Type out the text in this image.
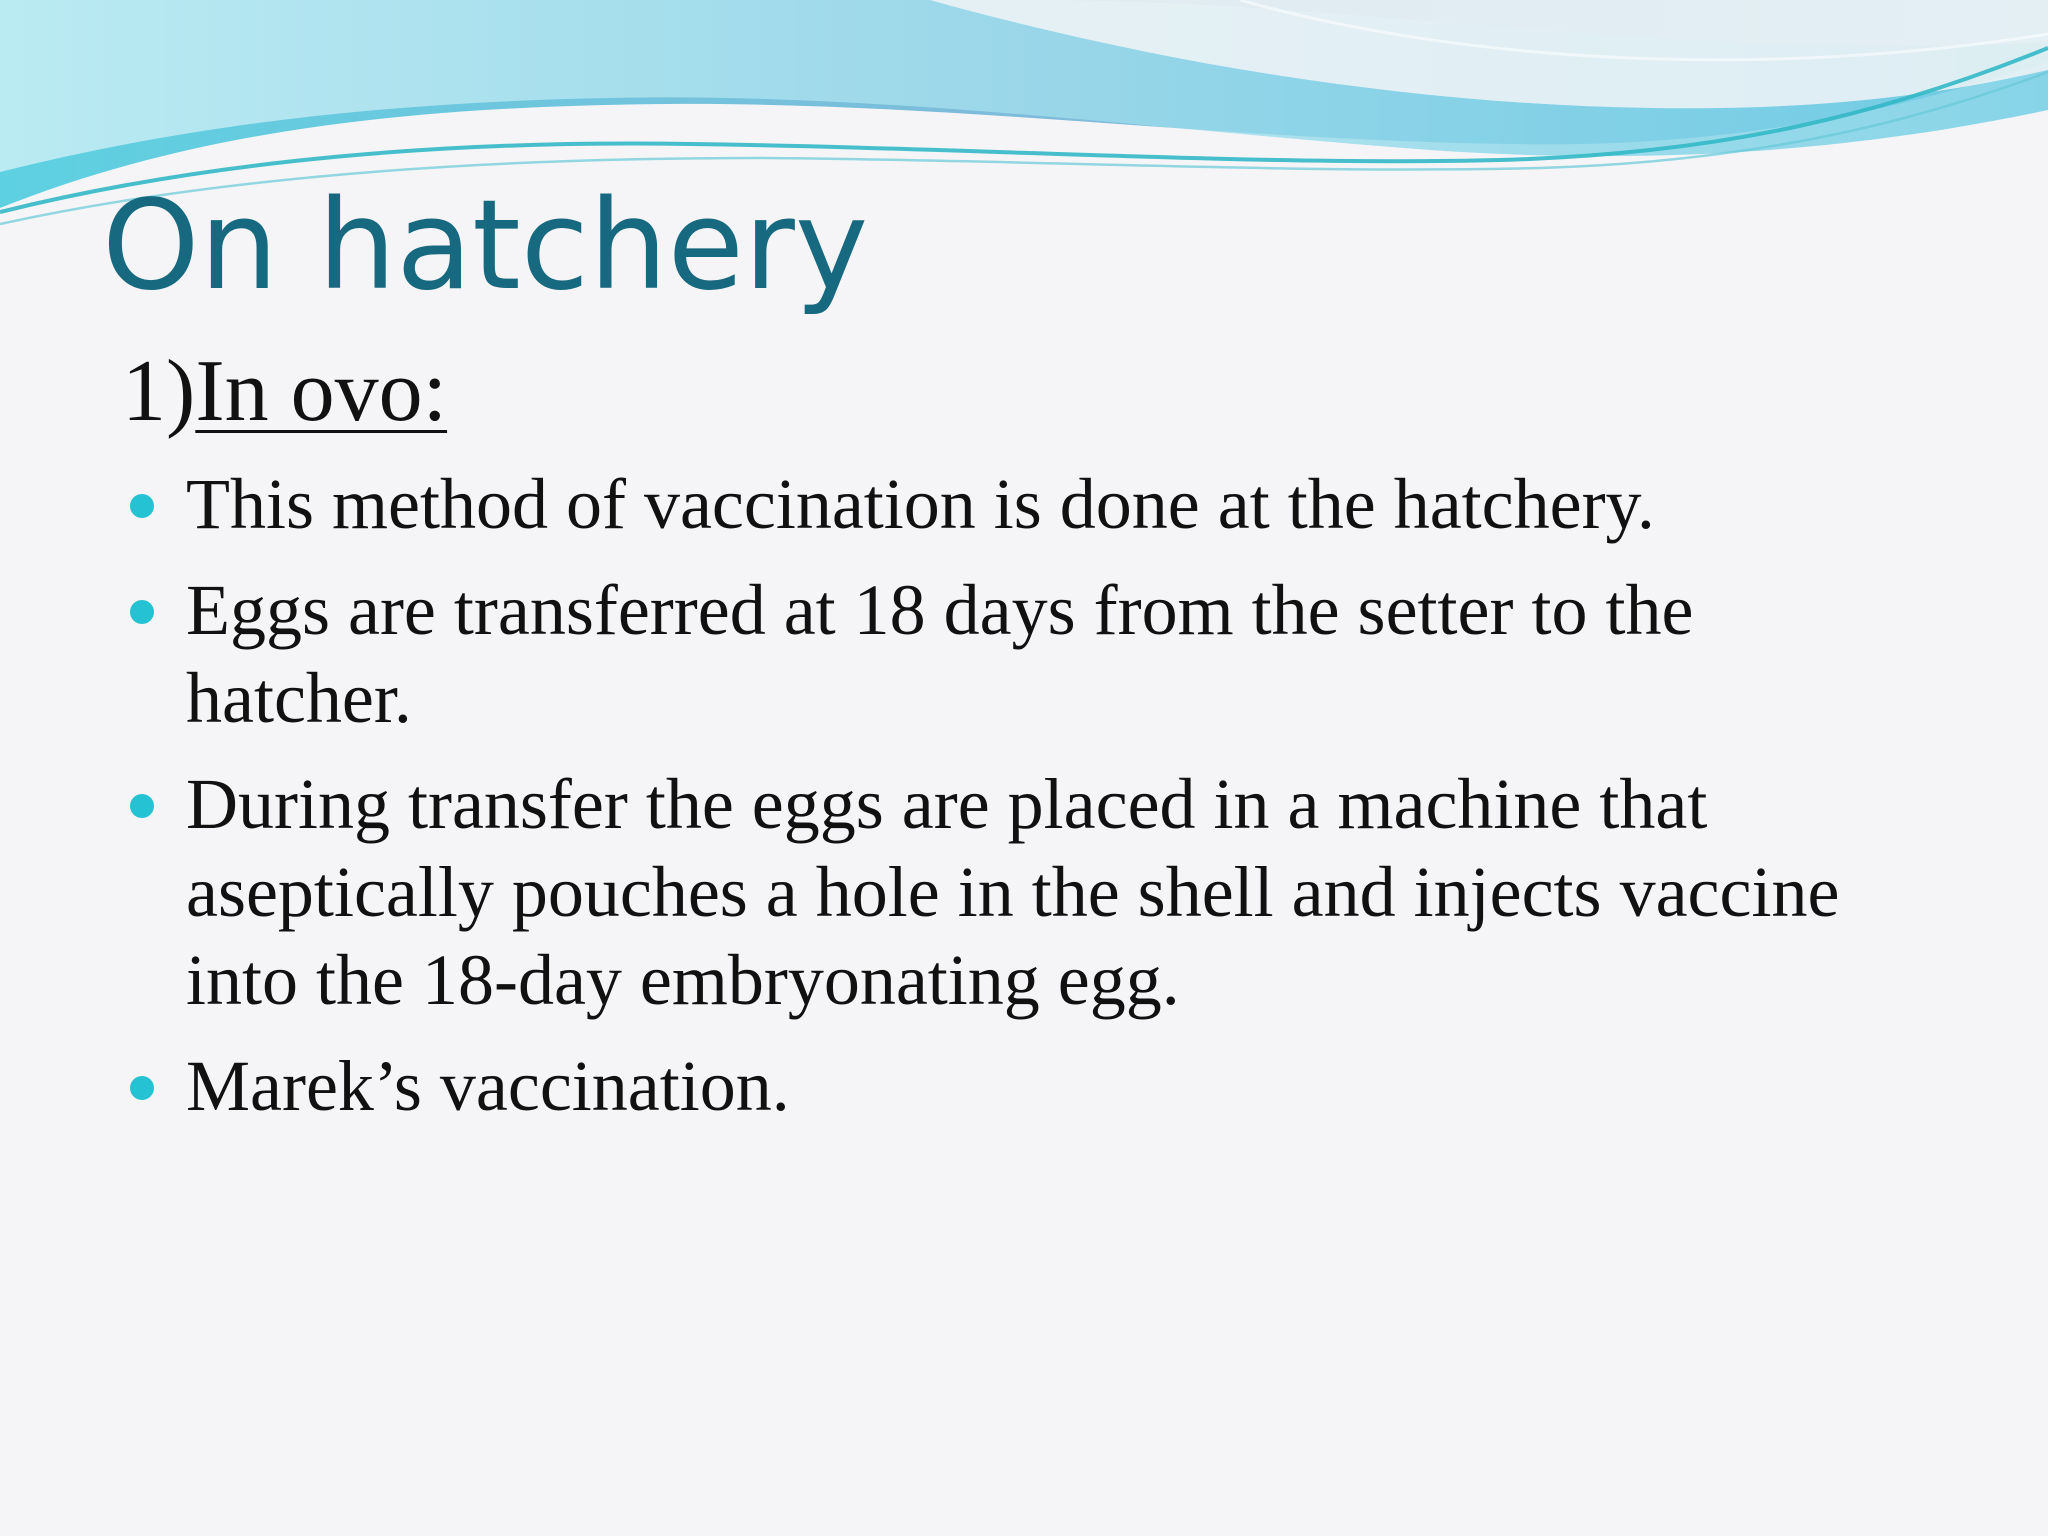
On hatchery
1)In ovo:
This method of vaccination is done at the hatchery.
Eggs are transferred at 18 days from the setter to the hatcher.
During transfer the eggs are placed in a machine that aseptically pouches a hole in the shell and injects vaccine into the 18-day embryonating egg.
Marek’s vaccination.
